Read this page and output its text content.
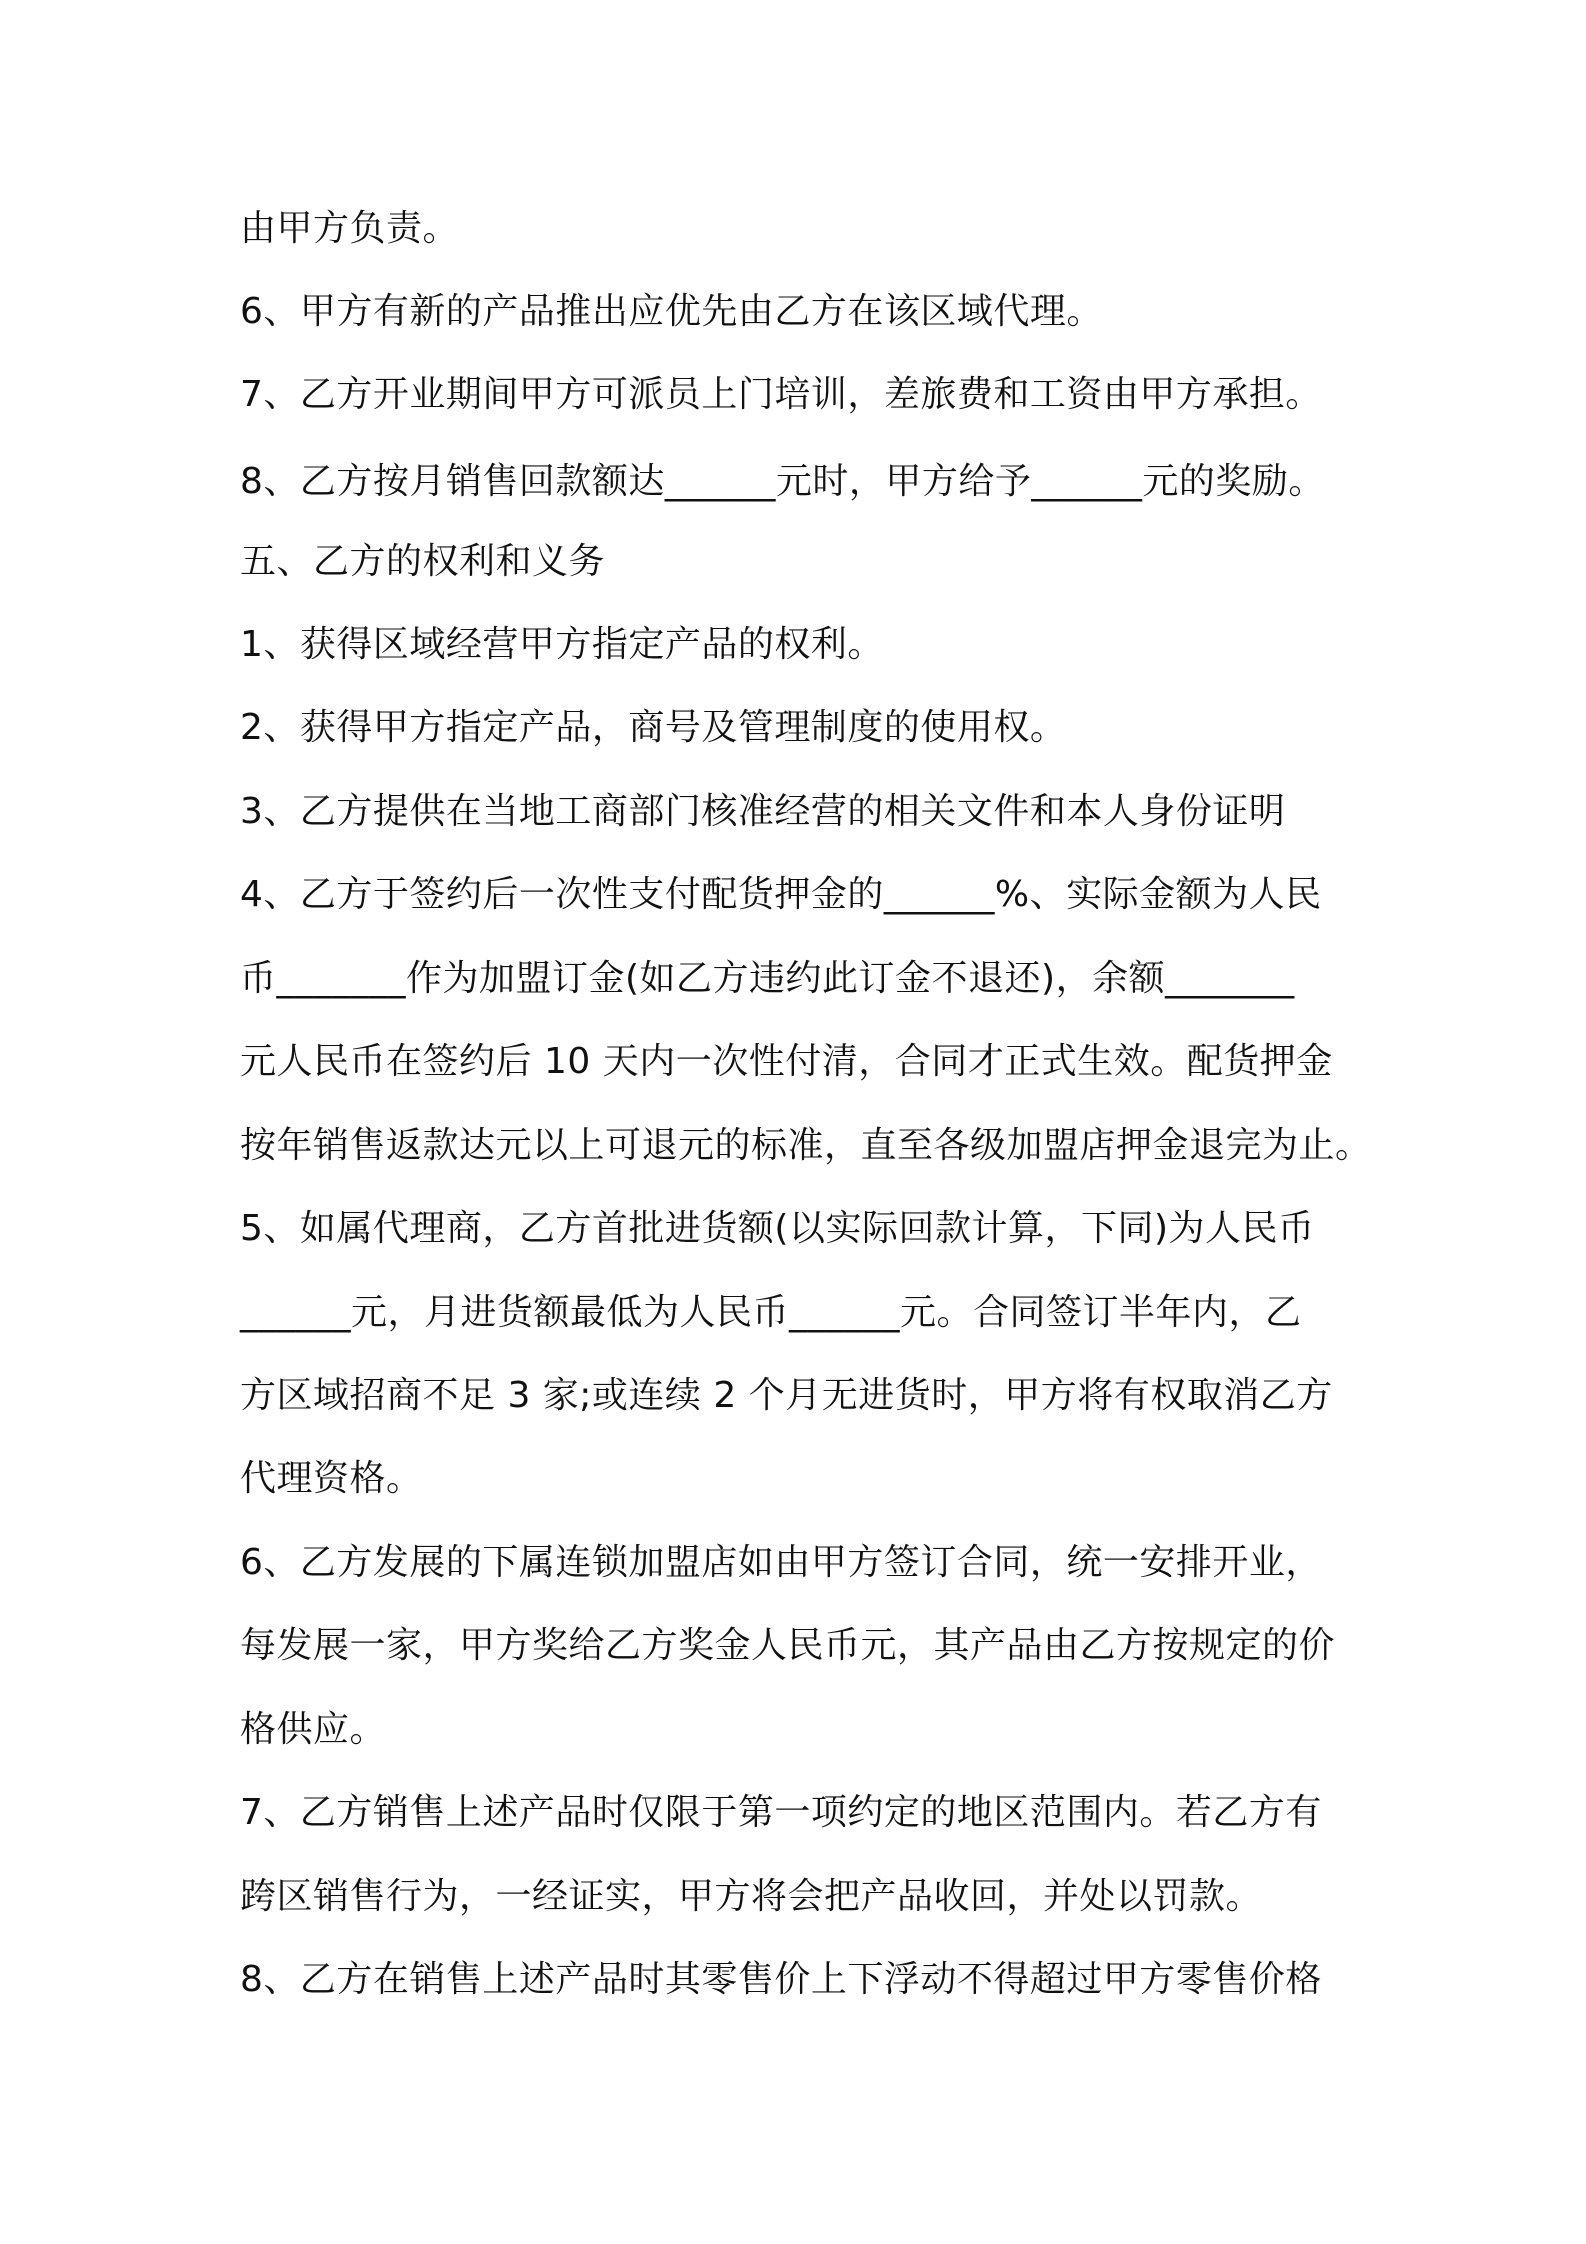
由甲方负责。
6、甲方有新的产品推出应优先由乙方在该区域代理。
7、乙方开业期间甲方可派员上门培训，差旅费和工资由甲方承担。
8、乙方按月销售回款额达______元时，甲方给予______元的奖励。
五、乙方的权利和义务
1、获得区域经营甲方指定产品的权利。
2、获得甲方指定产品，商号及管理制度的使用权。
3、乙方提供在当地工商部门核准经营的相关文件和本人身份证明
4、乙方于签约后一次性支付配货押金的______%、实际金额为人民
币_______作为加盟订金(如乙方违约此订金不退还)，余额_______
元人民币在签约后 10 天内一次性付清，合同才正式生效。配货押金
按年销售返款达元以上可退元的标准，直至各级加盟店押金退完为止。
5、如属代理商，乙方首批进货额(以实际回款计算，下同)为人民币
______元，月进货额最低为人民币______元。合同签订半年内，乙
方区域招商不足 3 家;或连续 2 个月无进货时，甲方将有权取消乙方
代理资格。
6、乙方发展的下属连锁加盟店如由甲方签订合同，统一安排开业，
每发展一家，甲方奖给乙方奖金人民币元，其产品由乙方按规定的价
格供应。
7、乙方销售上述产品时仅限于第一项约定的地区范围内。若乙方有
跨区销售行为，一经证实，甲方将会把产品收回，并处以罚款。
8、乙方在销售上述产品时其零售价上下浮动不得超过甲方零售价格
